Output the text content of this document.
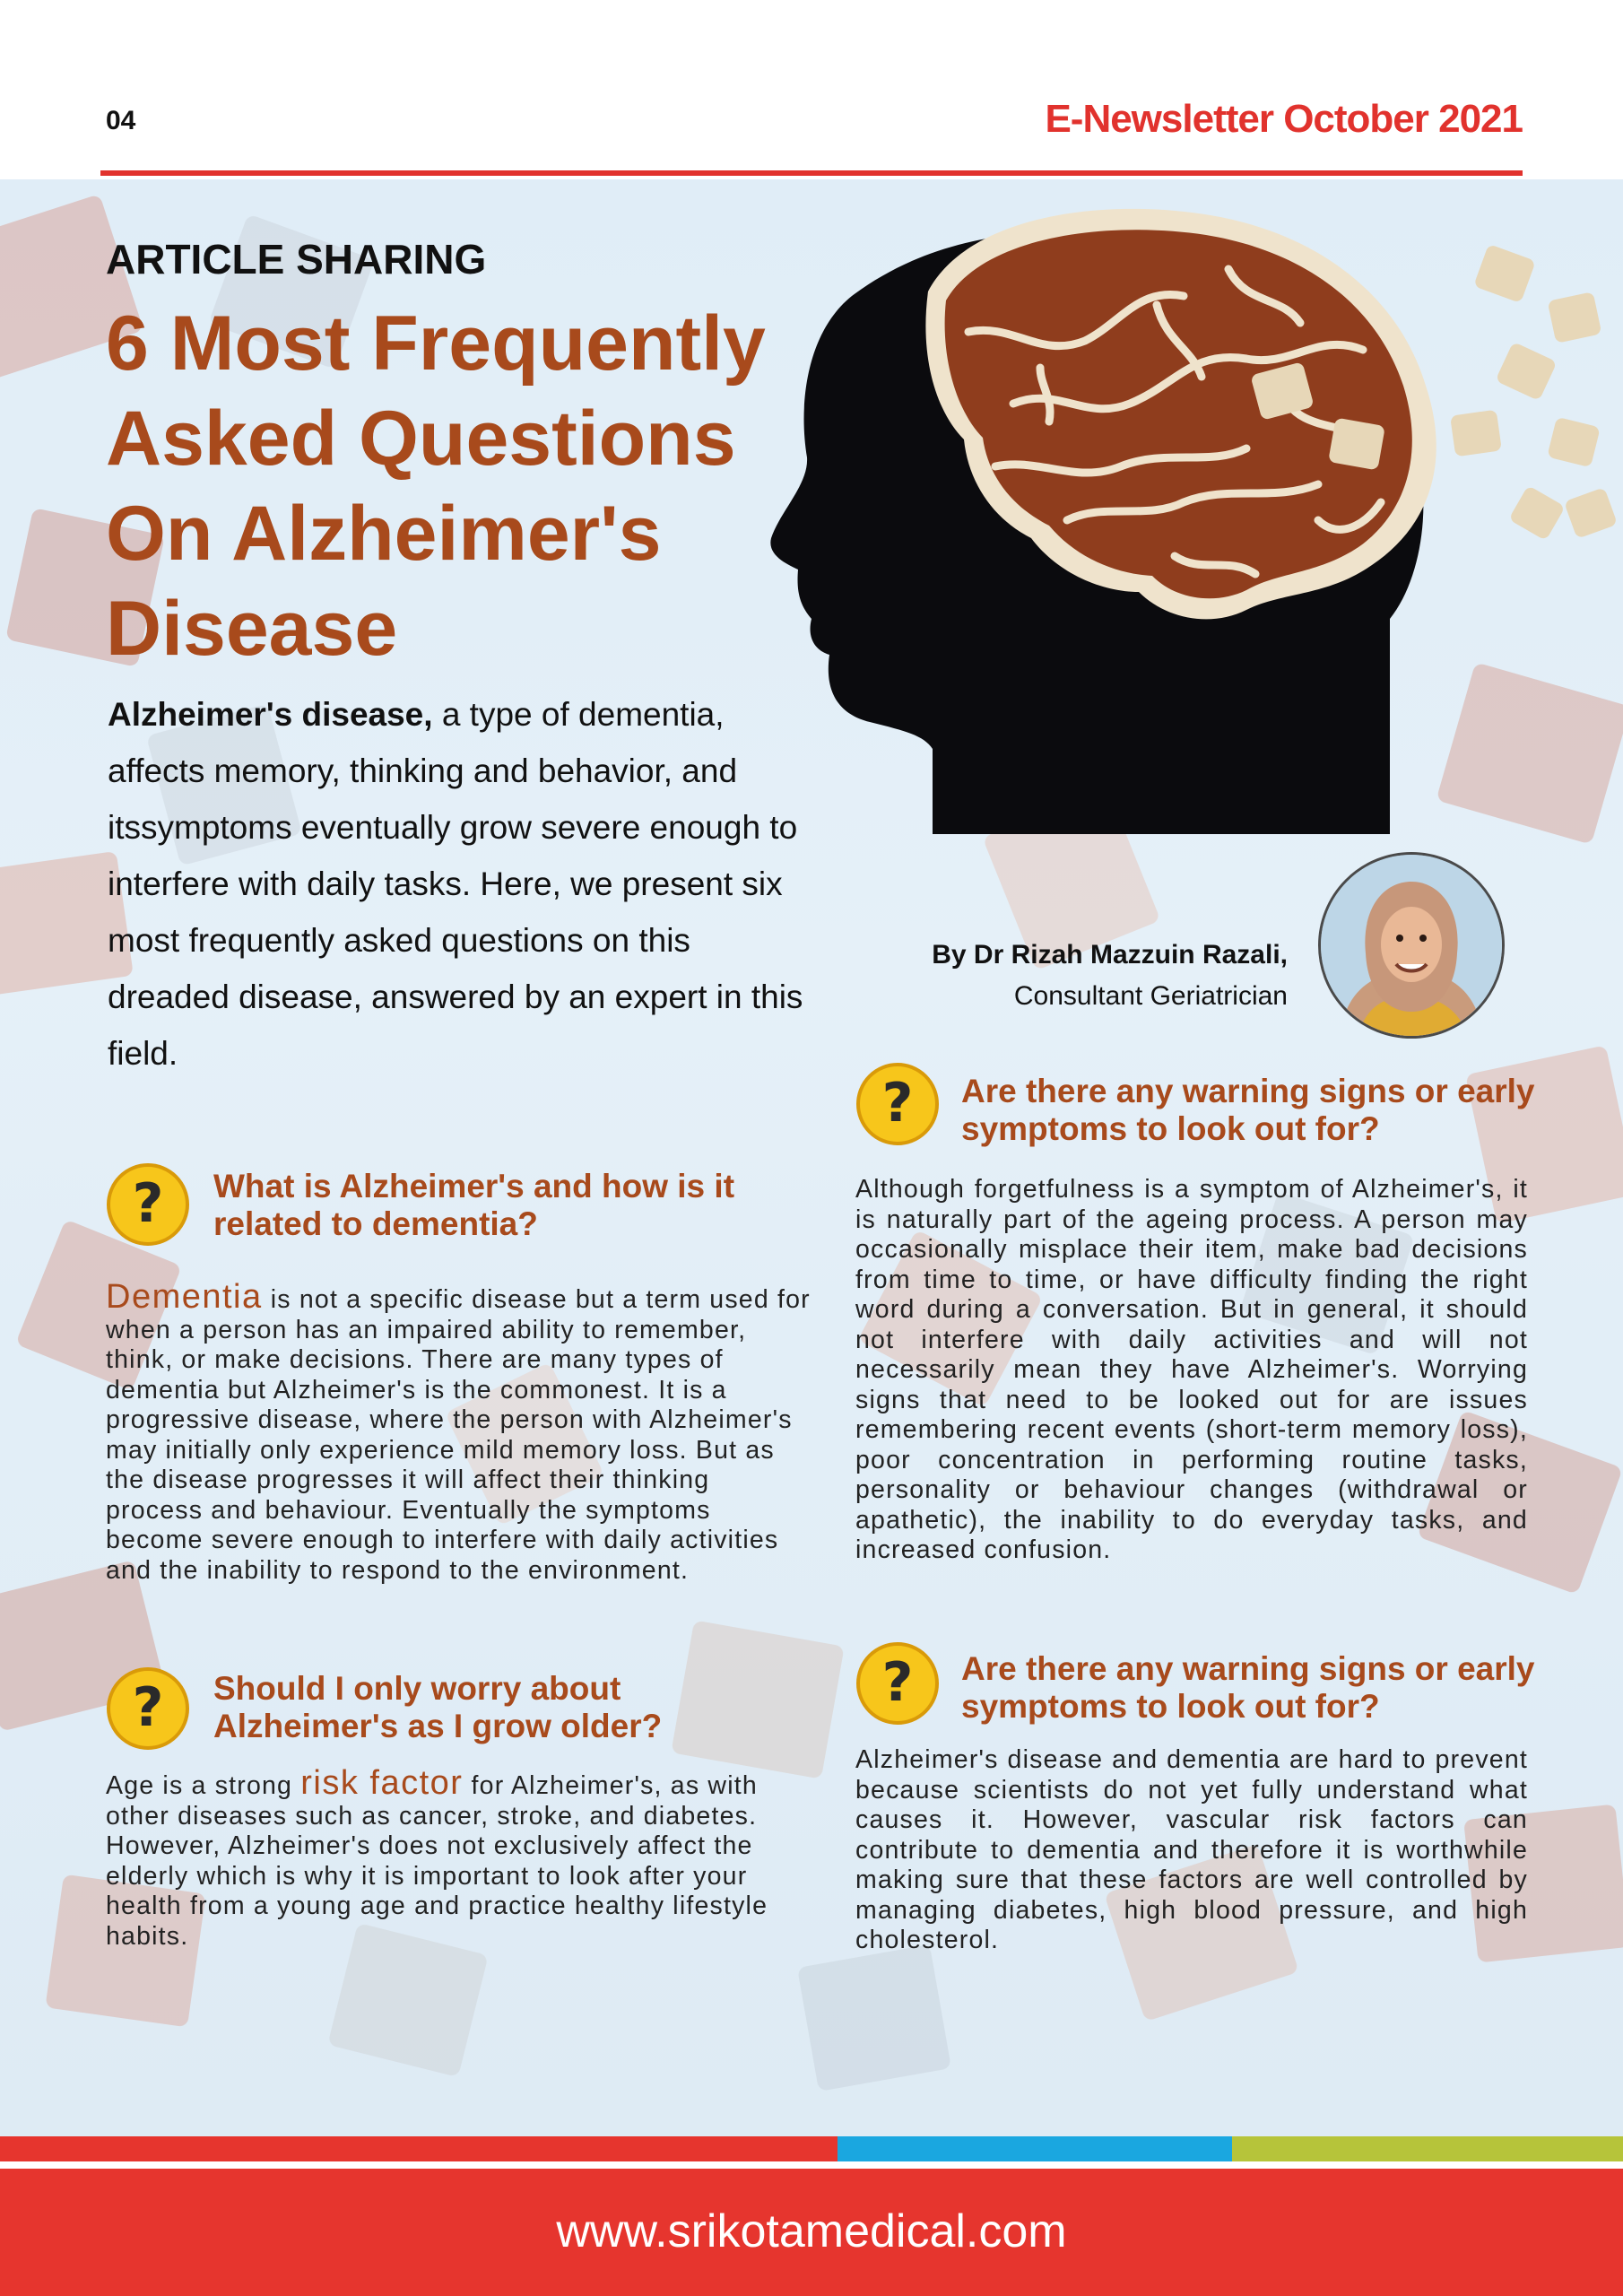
04	E-Newsletter October 2021
ARTICLE SHARING
6 Most Frequently Asked Questions On Alzheimer's Disease

Alzheimer's disease, a type of dementia, affects memory, thinking and behavior, and itssymptoms eventually grow severe enough to interfere with daily tasks. Here, we present six most frequently asked questions on this dreaded disease, answered by an expert in this field.

By Dr Rizah Mazzuin Razali,
Consultant Geriatrician
? What is Alzheimer's and how is it related to dementia?

Dementia is not a specific disease but a term used for when a person has an impaired ability to remember, think, or make decisions. There are many types of dementia but Alzheimer's is the commonest. It is a progressive disease, where the person with Alzheimer's may initially only experience mild memory loss. But as the disease progresses it will affect their thinking process and behaviour. Eventually the symptoms become severe enough to interfere with daily activities and the inability to respond to the environment.

? Should I only worry about Alzheimer's as I grow older?

Age is a strong risk factor for Alzheimer's, as with other diseases such as cancer, stroke, and diabetes. However, Alzheimer's does not exclusively affect the elderly which is why it is important to look after your health from a young age and practice healthy lifestyle habits.

? Are there any warning signs or early symptoms to look out for?

Although forgetfulness is a symptom of Alzheimer's, it is naturally part of the ageing process. A person may occasionally misplace their item, make bad decisions from time to time, or have difficulty finding the right word during a conversation. But in general, it should not interfere with daily activities and will not necessarily mean they have Alzheimer's. Worrying signs that need to be looked out for are issues remembering recent events (short-term memory loss), poor concentration in performing routine tasks, personality or behaviour changes (withdrawal or apathetic), the inability to do everyday tasks, and increased confusion.

? Are there any warning signs or early symptoms to look out for?

Alzheimer's disease and dementia are hard to prevent because scientists do not yet fully understand what causes it. However, vascular risk factors can contribute to dementia and therefore it is worthwhile making sure that these factors are well controlled by managing diabetes, high blood pressure, and high cholesterol.

www.srikotamedical.com
